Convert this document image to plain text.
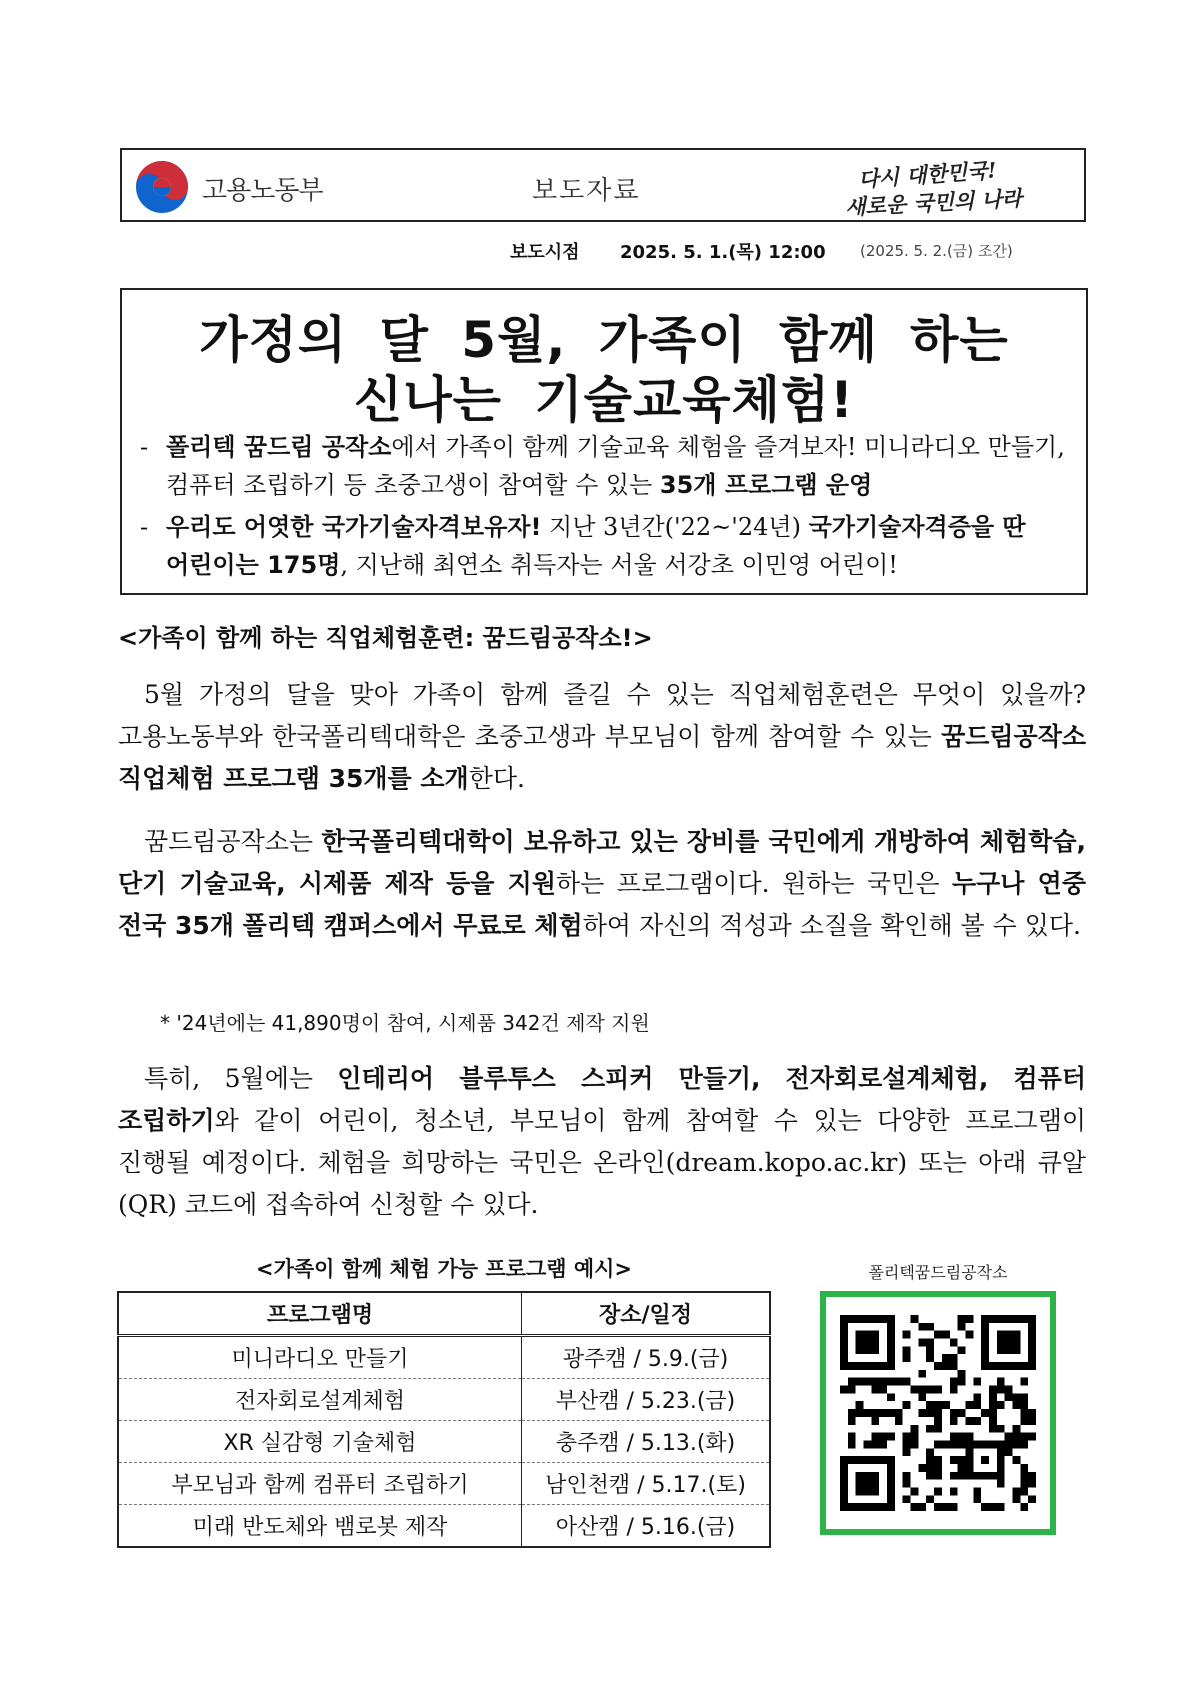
고용노동부	보도자료	다시 대한민국!
새로운 국민의 나라
보도시점 2025. 5. 1.(목) 12:00 (2025. 5. 2.(금) 조간)
가정의 달 5월, 가족이 함께 하는
신나는 기술교육체험!
- 폴리텍 꿈드림 공작소에서 가족이 함께 기술교육 체험을 즐겨보자! 미니라디오 만들기, 컴퓨터 조립하기 등 초중고생이 참여할 수 있는 35개 프로그램 운영
- 우리도 어엿한 국가기술자격보유자! 지난 3년간('22~'24년) 국가기술자격증을 딴 어린이는 175명, 지난해 최연소 취득자는 서울 서강초 이민영 어린이!
<가족이 함께 하는 직업체험훈련: 꿈드림공작소!>
5월 가정의 달을 맞아 가족이 함께 즐길 수 있는 직업체험훈련은 무엇이 있을까? 고용노동부와 한국폴리텍대학은 초중고생과 부모님이 함께 참여할 수 있는 꿈드림공작소 직업체험 프로그램 35개를 소개한다.
꿈드림공작소는 한국폴리텍대학이 보유하고 있는 장비를 국민에게 개방하여 체험학습, 단기 기술교육, 시제품 제작 등을 지원하는 프로그램이다. 원하는 국민은 누구나 연중 전국 35개 폴리텍 캠퍼스에서 무료로 체험하여 자신의 적성과 소질을 확인해 볼 수 있다.
* '24년에는 41,890명이 참여, 시제품 342건 제작 지원
특히, 5월에는 인테리어 블루투스 스피커 만들기, 전자회로설계체험, 컴퓨터 조립하기와 같이 어린이, 청소년, 부모님이 함께 참여할 수 있는 다양한 프로그램이 진행될 예정이다. 체험을 희망하는 국민은 온라인(dream.kopo.ac.kr) 또는 아래 큐알(QR) 코드에 접속하여 신청할 수 있다.
<가족이 함께 체험 가능 프로그램 예시>
프로그램명	장소/일정
미니라디오 만들기	광주캠 / 5.9.(금)
전자회로설계체험	부산캠 / 5.23.(금)
XR 실감형 기술체험	충주캠 / 5.13.(화)
부모님과 함께 컴퓨터 조립하기	남인천캠 / 5.17.(토)
미래 반도체와 뱀로봇 제작	아산캠 / 5.16.(금)
폴리텍꿈드림공작소
